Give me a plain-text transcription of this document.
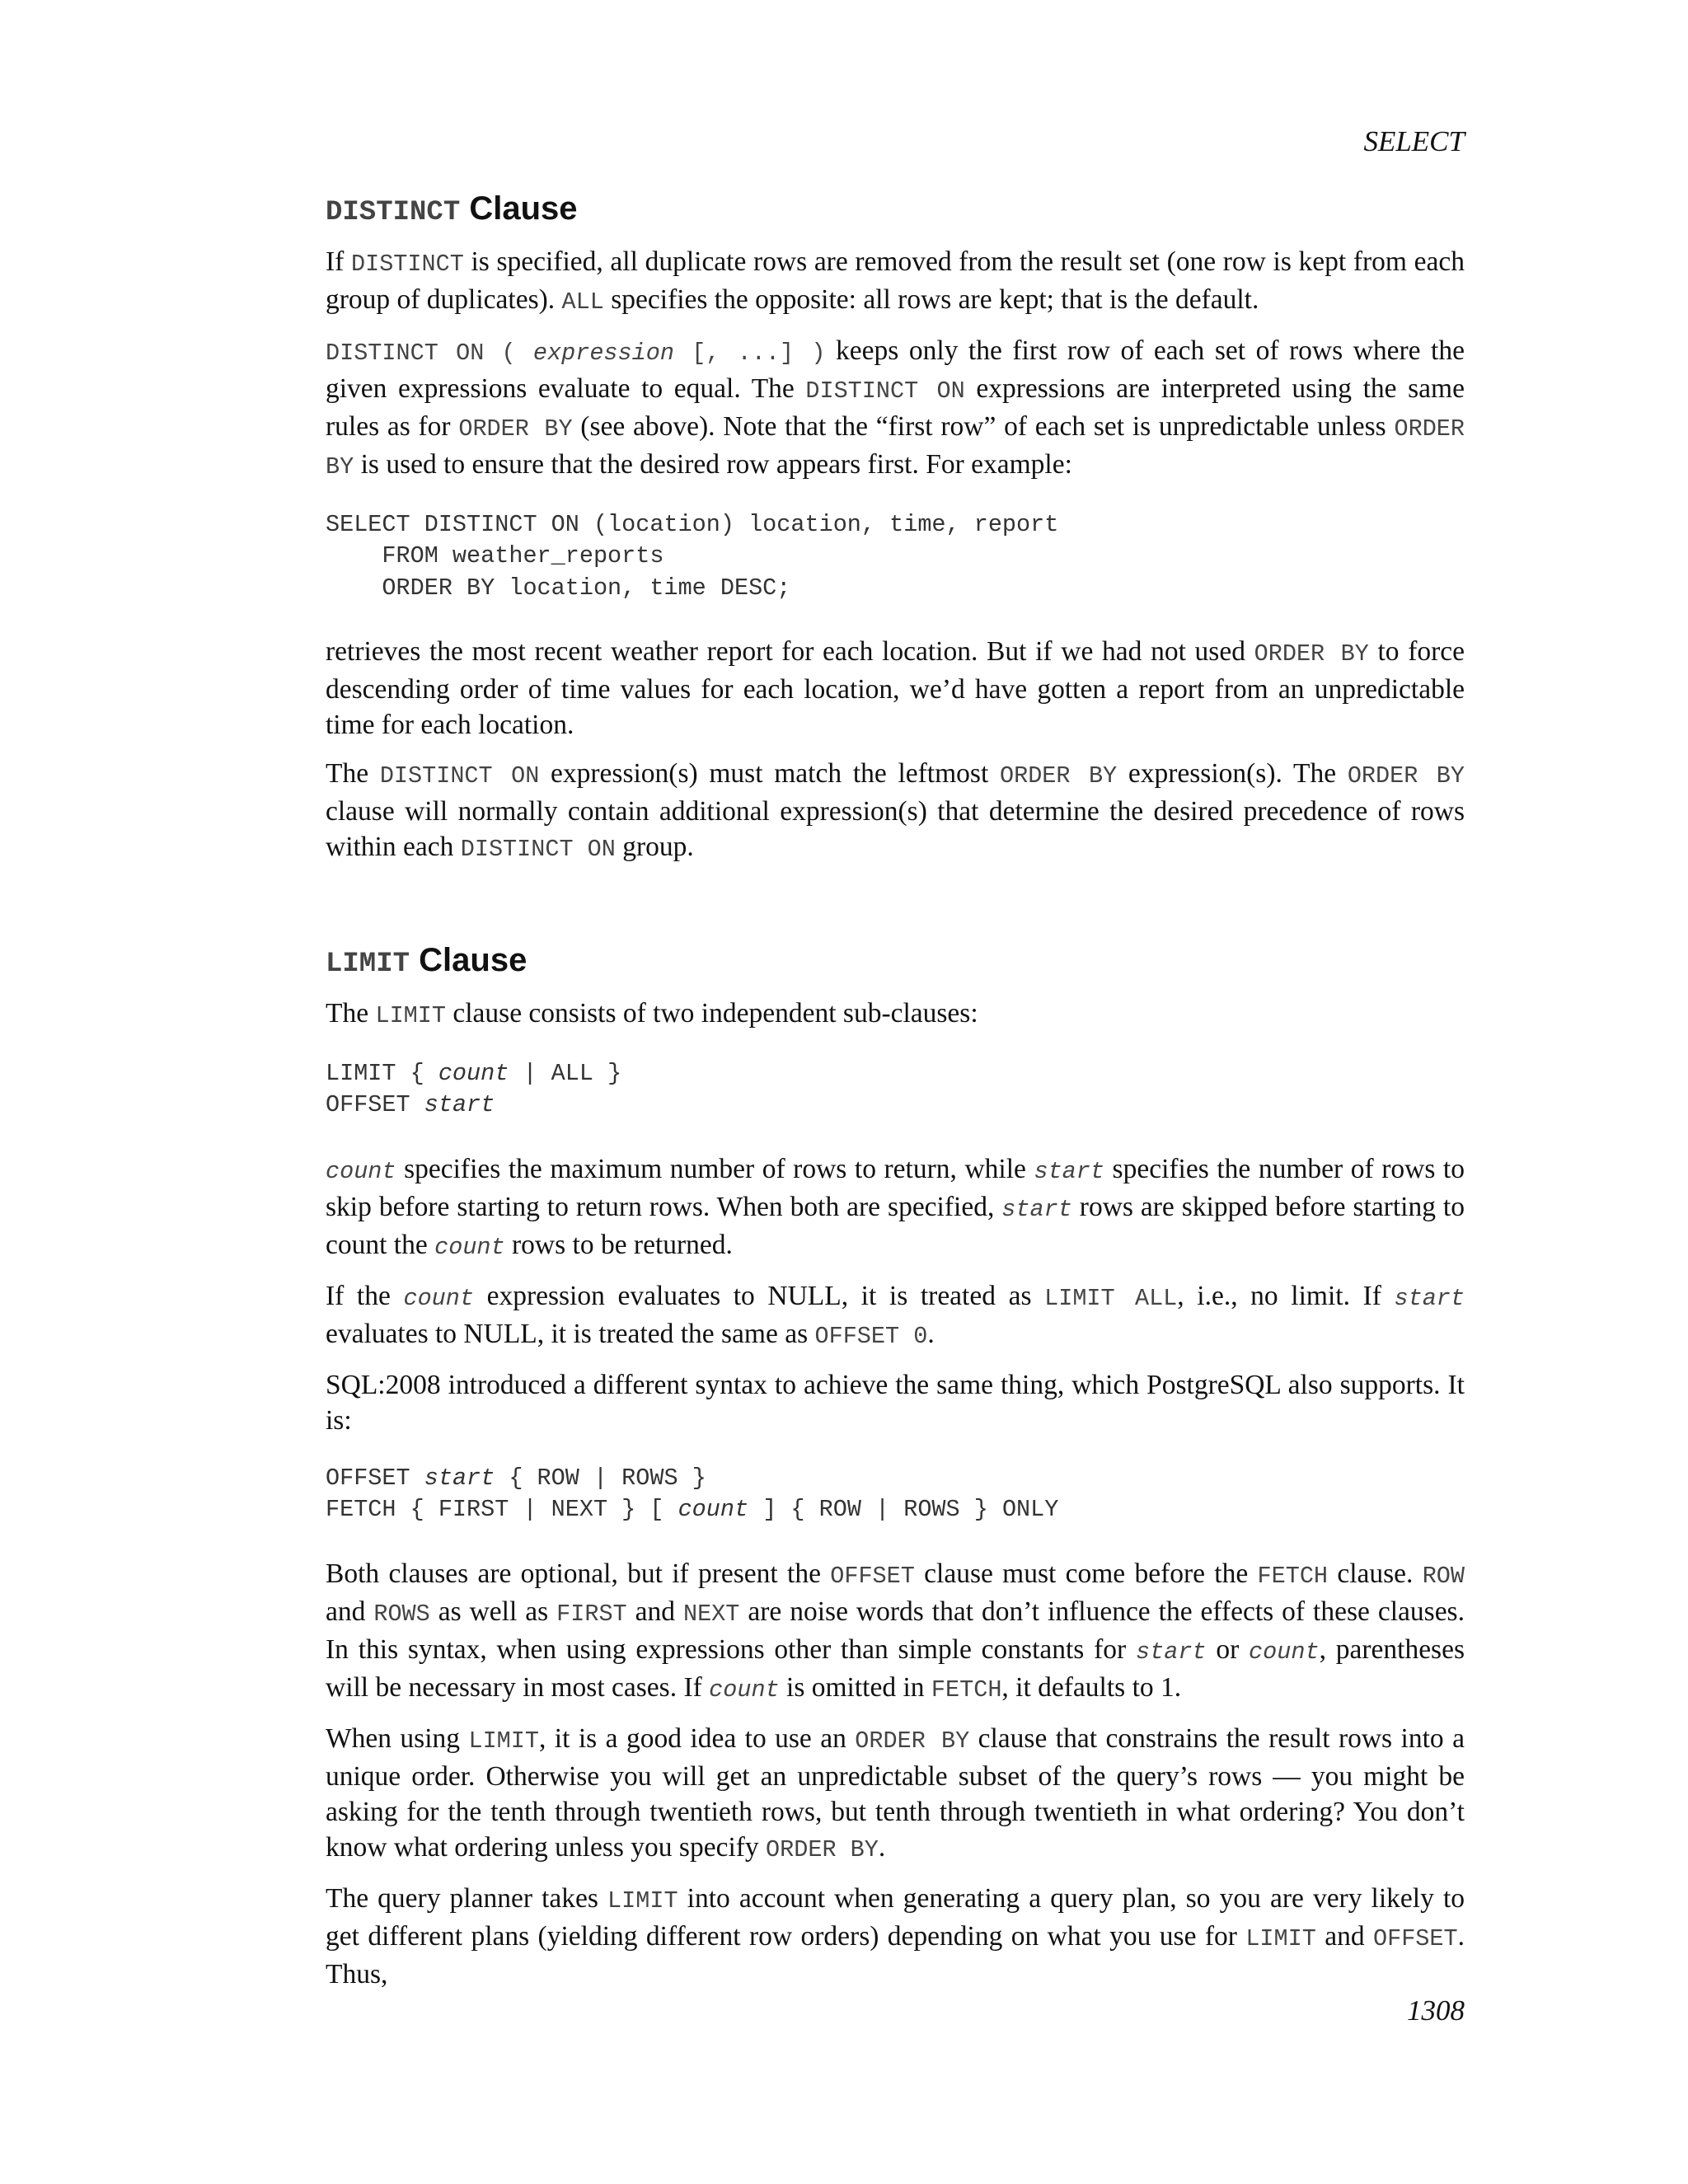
SELECT
DISTINCT Clause

If DISTINCT is specified, all duplicate rows are removed from the result set (one row is kept from each group of duplicates). ALL specifies the opposite: all rows are kept; that is the default.

DISTINCT ON ( expression [, ...] ) keeps only the first row of each set of rows where the given expressions evaluate to equal. The DISTINCT ON expressions are interpreted using the same rules as for ORDER BY (see above). Note that the “first row” of each set is unpredictable unless ORDER BY is used to ensure that the desired row appears first. For example:

SELECT DISTINCT ON (location) location, time, report
FROM weather_reports
ORDER BY location, time DESC;

retrieves the most recent weather report for each location. But if we had not used ORDER BY to force descending order of time values for each location, we’d have gotten a report from an unpredictable time for each location.

The DISTINCT ON expression(s) must match the leftmost ORDER BY expression(s). The ORDER BY clause will normally contain additional expression(s) that determine the desired precedence of rows within each DISTINCT ON group.

LIMIT Clause

The LIMIT clause consists of two independent sub-clauses:

LIMIT { count | ALL }
OFFSET start

count specifies the maximum number of rows to return, while start specifies the number of rows to skip before starting to return rows. When both are specified, start rows are skipped before starting to count the count rows to be returned.

If the count expression evaluates to NULL, it is treated as LIMIT ALL, i.e., no limit. If start evaluates to NULL, it is treated the same as OFFSET 0.

SQL:2008 introduced a different syntax to achieve the same thing, which PostgreSQL also supports. It is:

OFFSET start { ROW | ROWS }
FETCH { FIRST | NEXT } [ count ] { ROW | ROWS } ONLY

Both clauses are optional, but if present the OFFSET clause must come before the FETCH clause. ROW and ROWS as well as FIRST and NEXT are noise words that don’t influence the effects of these clauses. In this syntax, when using expressions other than simple constants for start or count, parentheses will be necessary in most cases. If count is omitted in FETCH, it defaults to 1.

When using LIMIT, it is a good idea to use an ORDER BY clause that constrains the result rows into a unique order. Otherwise you will get an unpredictable subset of the query’s rows — you might be asking for the tenth through twentieth rows, but tenth through twentieth in what ordering? You don’t know what ordering unless you specify ORDER BY.

The query planner takes LIMIT into account when generating a query plan, so you are very likely to get different plans (yielding different row orders) depending on what you use for LIMIT and OFFSET. Thus,

1308
